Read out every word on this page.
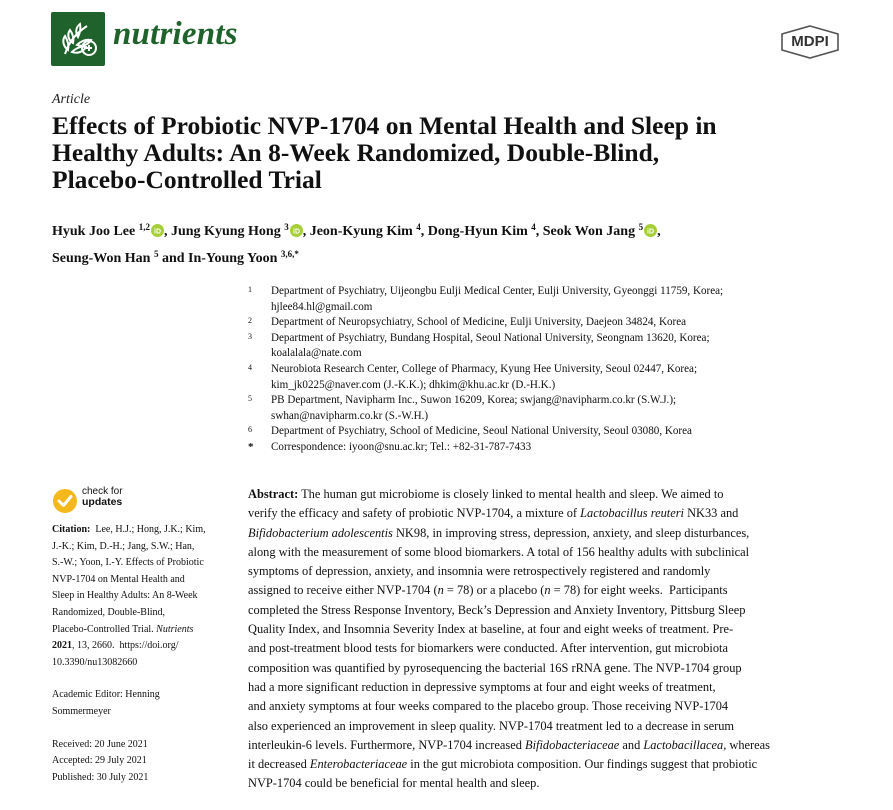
nutrients	MDPI
Article
Effects of Probiotic NVP-1704 on Mental Health and Sleep in
Healthy Adults: An 8-Week Randomized, Double-Blind,
Placebo-Controlled Trial
Hyuk Joo Lee $^{1,2}$ iD , Jung Kyung Hong $^3$ iD , Jeon-Kyung Kim $^4$, Dong-Hyun Kim $^4$, Seok Won Jang $^5$ iD ,
Seung-Won Han $^5$ and In-Young Yoon $^{3,6,*}$
1 Department of Psychiatry, Uijeongbu Eulji Medical Center, Eulji University, Gyeonggi 11759, Korea;
hjlee84.hl@gmail.com
2 Department of Neuropsychiatry, School of Medicine, Eulji University, Daejeon 34824, Korea
3 Department of Psychiatry, Bundang Hospital, Seoul National University, Seongnam 13620, Korea;
koalalala@nate.com
4 Neurobiota Research Center, College of Pharmacy, Kyung Hee University, Seoul 02447, Korea;
kim_jk0225@naver.com (J.-K.K.); dhkim@khu.ac.kr (D.-H.K.)
5 PB Department, Navipharm Inc., Suwon 16209, Korea; swjang@navipharm.co.kr (S.W.J.);
swhan@navipharm.co.kr (S.-W.H.)
6 Department of Psychiatry, School of Medicine, Seoul National University, Seoul 03080, Korea
* Correspondence: iyoon@snu.ac.kr; Tel.: +82-31-787-7433
check for
updates
Citation:  Lee, H.J.; Hong, J.K.; Kim,
J.-K.; Kim, D.-H.; Jang, S.W.; Han,
S.-W.; Yoon, I.-Y. Effects of Probiotic
NVP-1704 on Mental Health and
Sleep in Healthy Adults: An 8-Week
Randomized, Double-Blind,
Placebo-Controlled Trial. Nutrients
2021, 13, 2660.  https://doi.org/
10.3390/nu13082660
Academic Editor: Henning
Sommermeyer
Received: 20 June 2021
Accepted: 29 July 2021
Published: 30 July 2021
Abstract: The human gut microbiome is closely linked to mental health and sleep. We aimed to
verify the efficacy and safety of probiotic NVP-1704, a mixture of Lactobacillus reuteri NK33 and
Bifidobacterium adolescentis NK98, in improving stress, depression, anxiety, and sleep disturbances,
along with the measurement of some blood biomarkers. A total of 156 healthy adults with subclinical
symptoms of depression, anxiety, and insomnia were retrospectively registered and randomly
assigned to receive either NVP-1704 (n = 78) or a placebo (n = 78) for eight weeks.  Participants
completed the Stress Response Inventory, Beck’s Depression and Anxiety Inventory, Pittsburg Sleep
Quality Index, and Insomnia Severity Index at baseline, at four and eight weeks of treatment. Pre-
and post-treatment blood tests for biomarkers were conducted. After intervention, gut microbiota
composition was quantified by pyrosequencing the bacterial 16S rRNA gene. The NVP-1704 group
had a more significant reduction in depressive symptoms at four and eight weeks of treatment,
and anxiety symptoms at four weeks compared to the placebo group. Those receiving NVP-1704
also experienced an improvement in sleep quality. NVP-1704 treatment led to a decrease in serum
interleukin-6 levels. Furthermore, NVP-1704 increased Bifidobacteriaceae and Lactobacillacea, whereas
it decreased Enterobacteriaceae in the gut microbiota composition. Our findings suggest that probiotic
NVP-1704 could be beneficial for mental health and sleep.
